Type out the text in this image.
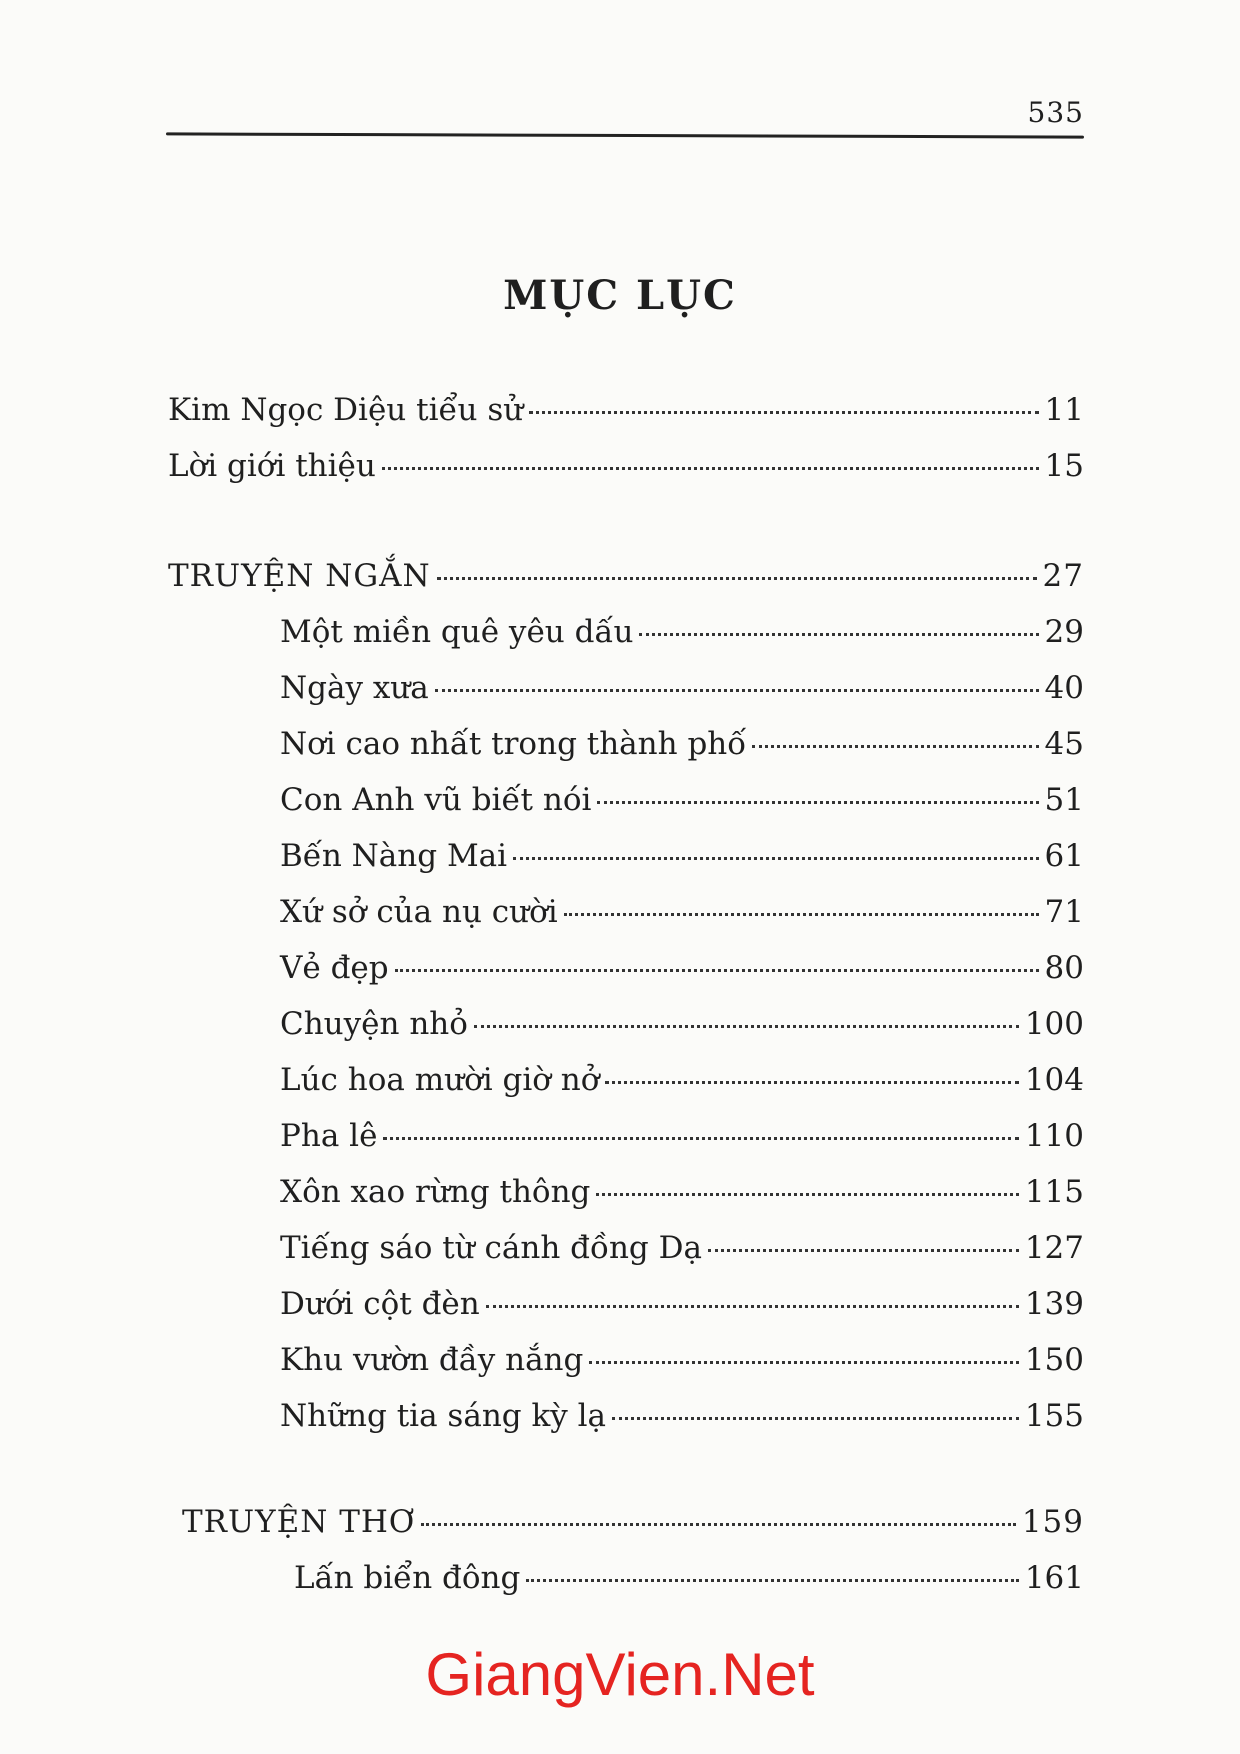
535
MỤC LỤC
Kim Ngọc Diệu tiểu sử	11
Lời giới thiệu	15
TRUYỆN NGẮN	27
Một miền quê yêu dấu	29
Ngày xưa	40
Nơi cao nhất trong thành phố	45
Con Anh vũ biết nói	51
Bến Nàng Mai	61
Xứ sở của nụ cười	71
Vẻ đẹp	80
Chuyện nhỏ	100
Lúc hoa mười giờ nở	104
Pha lê	110
Xôn xao rừng thông	115
Tiếng sáo từ cánh đồng Dạ	127
Dưới cột đèn	139
Khu vườn đầy nắng	150
Những tia sáng kỳ lạ	155
TRUYỆN THƠ	159
Lấn biển đông	161
GiangVien.Net
